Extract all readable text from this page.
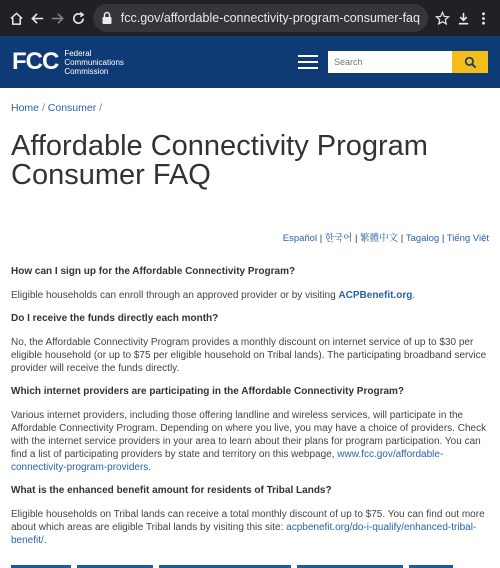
fcc.gov/affordable-connectivity-program-consumer-faq
FCC Federal
Communications
Commission
Search
Home / Consumer /
Affordable Connectivity Program
Consumer FAQ
Español | 한국어 | 繁體中文 | Tagalog | Tiếng Việt
How can I sign up for the Affordable Connectivity Program?

Eligible households can enroll through an approved provider or by visiting ACPBenefit.org.

Do I receive the funds directly each month?

No, the Affordable Connectivity Program provides a monthly discount on internet service of up to $30 per eligible household (or up to $75 per eligible household on Tribal lands). The participating broadband service provider will receive the funds directly.

Which internet providers are participating in the Affordable Connectivity Program?

Various internet providers, including those offering landline and wireless services, will participate in the Affordable Connectivity Program. Depending on where you live, you may have a choice of providers. Check with the internet service providers in your area to learn about their plans for program participation. You can find a list of participating providers by state and territory on this webpage, www.fcc.gov/affordable-connectivity-program-providers.

What is the enhanced benefit amount for residents of Tribal Lands?

Eligible households on Tribal lands can receive a total monthly discount of up to $75. You can find out more about which areas are eligible Tribal lands by visiting this site: acpbenefit.org/do-i-qualify/enhanced-tribal-benefit/.
